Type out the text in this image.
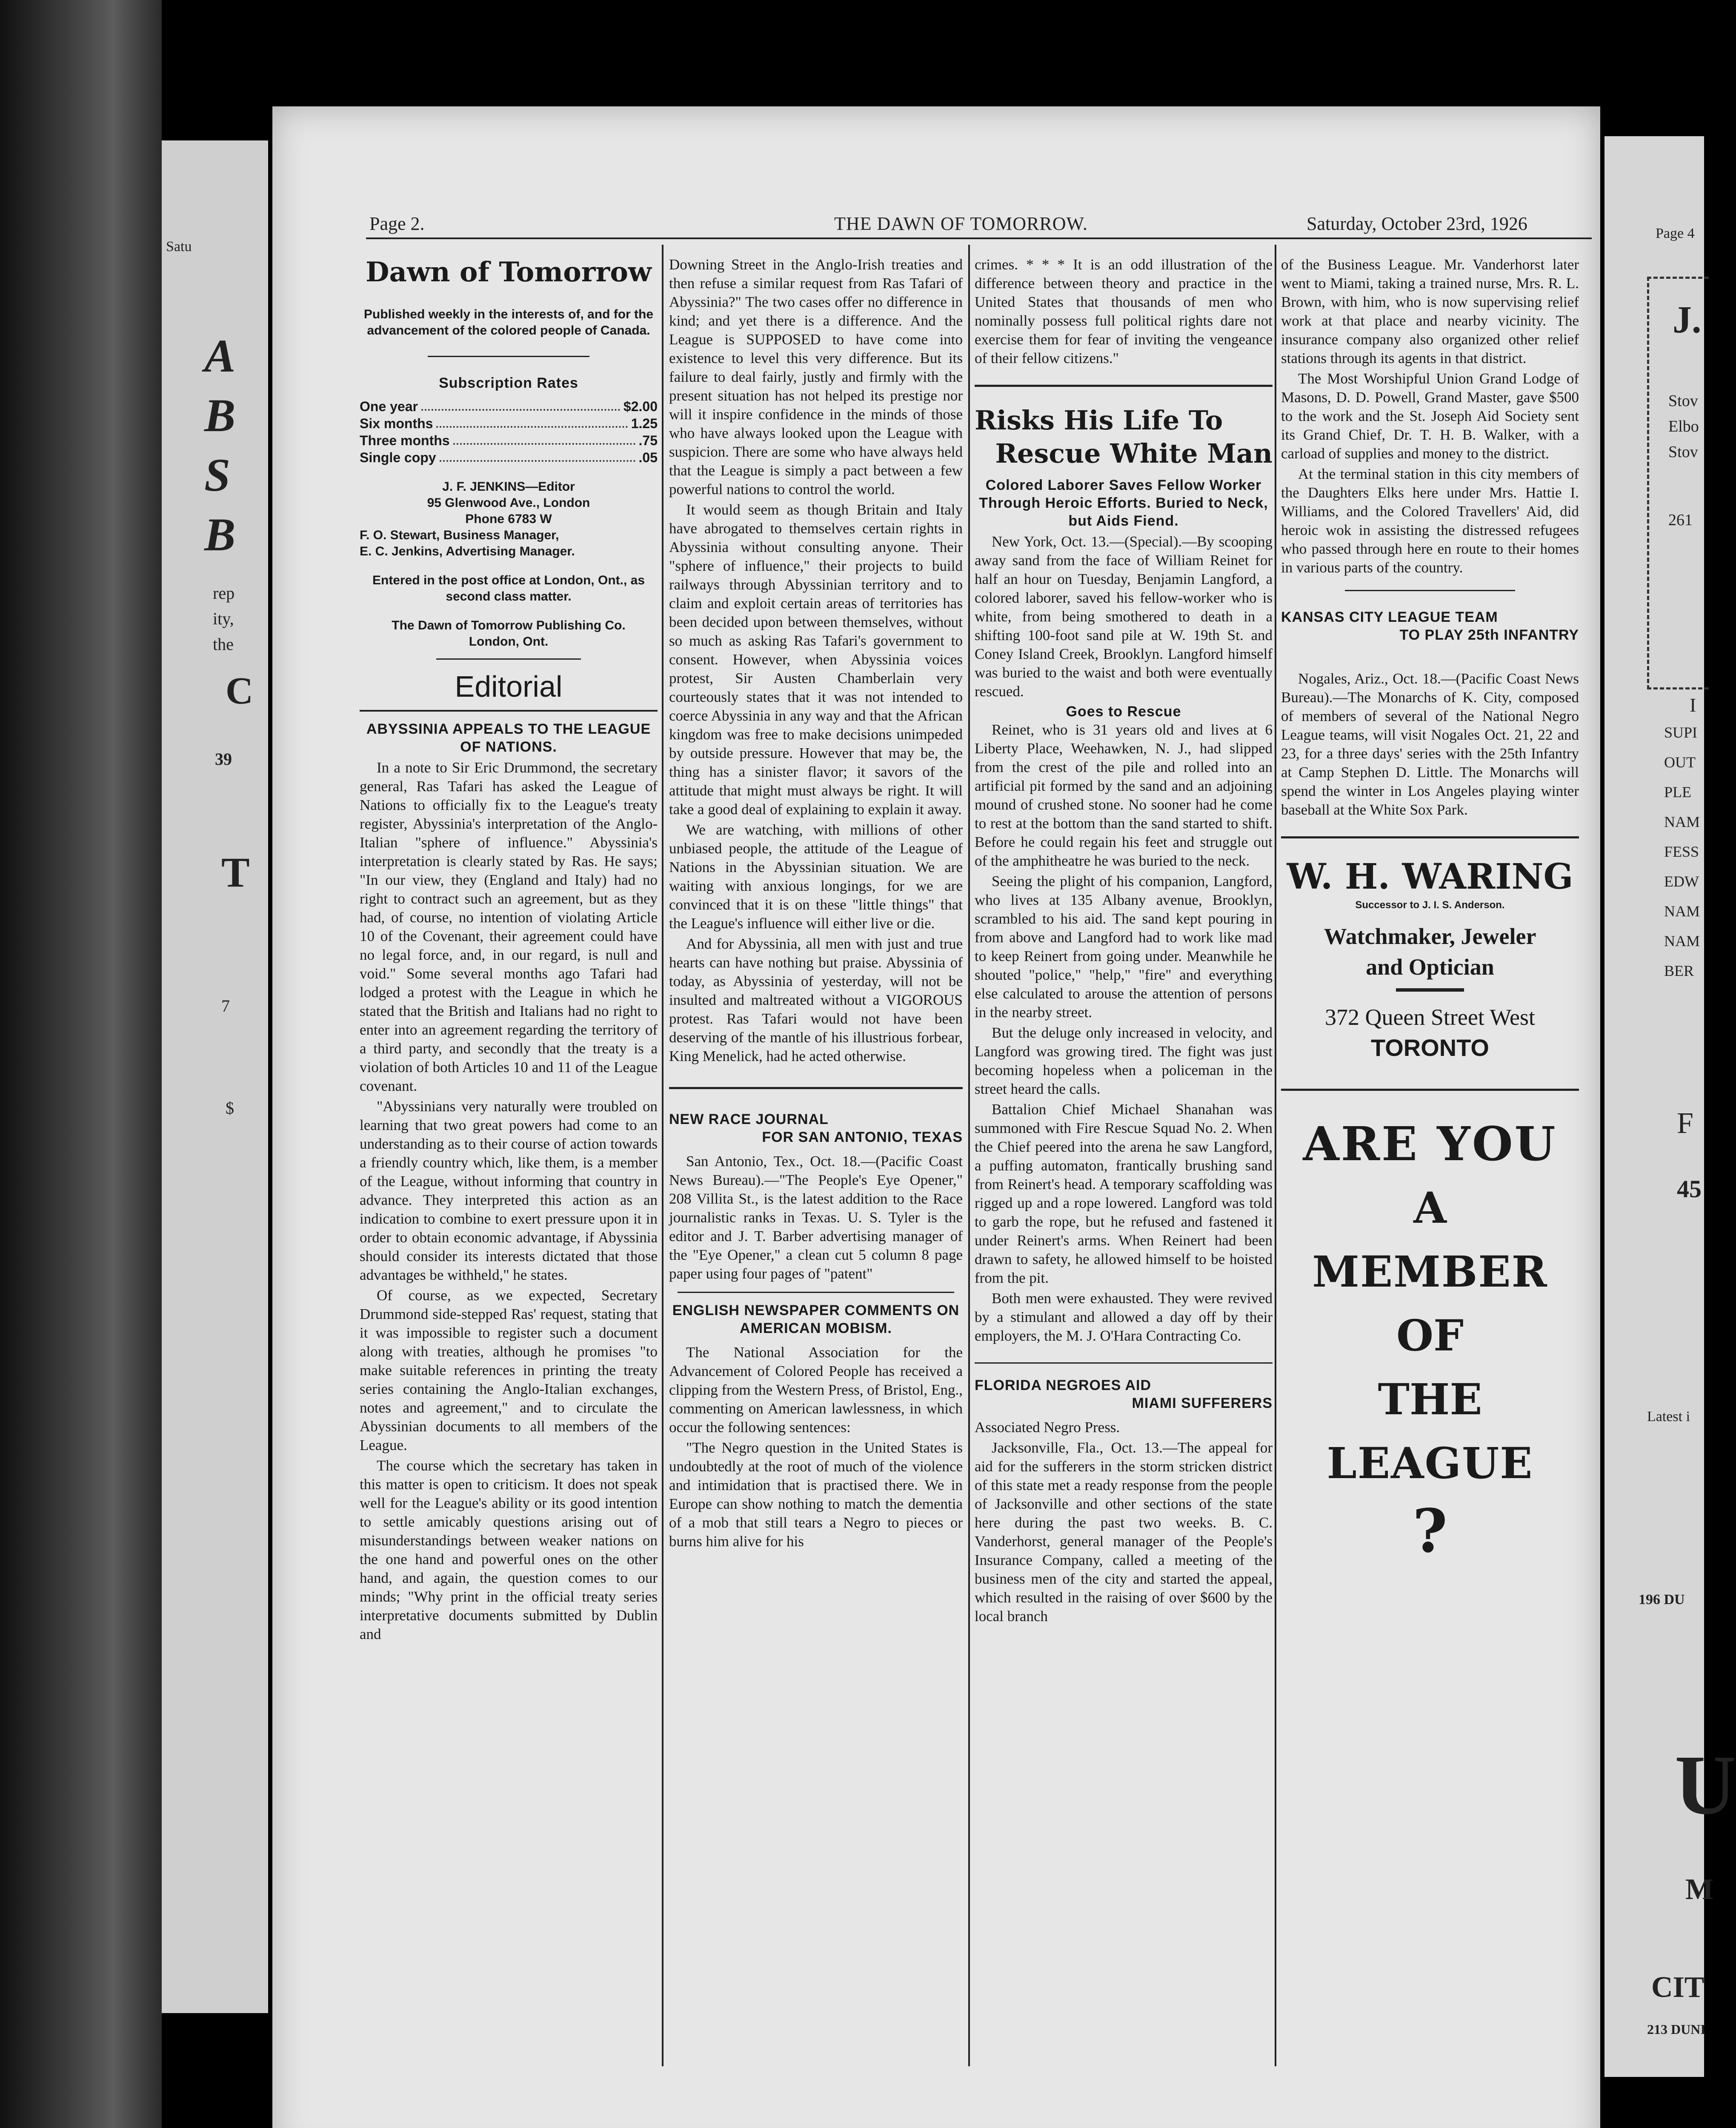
Satu
A
B
S
B
rep
ity,
the
C
39
T
7
$
Page 4
J.
Stov
Elbo
Stov
261
I
SUPI
OUT
PLE
NAM
FESS
EDW
NAM
NAM
BER
F
45
Latest i
196 DU
U
M
CIT
213 DUNI
Page 2.	THE DAWN OF TOMORROW.	Saturday, October 23rd, 1926
Dawn of Tomorrow
Published weekly in the interests of, and for the advancement of the colored people of Canada.
Subscription Rates
One year	$2.00
Six months	1.25
Three months	.75
Single copy	.05
J. F. JENKINS—Editor
95 Glenwood Ave., London
Phone 6783 W
F. O. Stewart, Business Manager,
E. C. Jenkins, Advertising Manager.
Entered in the post office at London, Ont., as second class matter.
The Dawn of Tomorrow Publishing Co.
London, Ont.
Editorial
ABYSSINIA APPEALS TO THE LEAGUE OF NATIONS.

In a note to Sir Eric Drummond, the secretary general, Ras Tafari has asked the League of Nations to officially fix to the League's treaty register, Abyssinia's interpretation of the Anglo-Italian "sphere of influence." Abyssinia's interpretation is clearly stated by Ras. He says; "In our view, they (England and Italy) had no right to contract such an agreement, but as they had, of course, no intention of violating Article 10 of the Covenant, their agreement could have no legal force, and, in our regard, is null and void." Some several months ago Tafari had lodged a protest with the League in which he stated that the British and Italians had no right to enter into an agreement regarding the territory of a third party, and secondly that the treaty is a violation of both Articles 10 and 11 of the League covenant.

"Abyssinians very naturally were troubled on learning that two great powers had come to an understanding as to their course of action towards a friendly country which, like them, is a member of the League, without informing that country in advance. They interpreted this action as an indication to combine to exert pressure upon it in order to obtain economic advantage, if Abyssinia should consider its interests dictated that those advantages be withheld," he states.

Of course, as we expected, Secretary Drummond side-stepped Ras' request, stating that it was impossible to register such a document along with treaties, although he promises "to make suitable references in printing the treaty series containing the Anglo-Italian exchanges, notes and agreement," and to circulate the Abyssinian documents to all members of the League.

The course which the secretary has taken in this matter is open to criticism. It does not speak well for the League's ability or its good intention to settle amicably questions arising out of misunderstandings between weaker nations on the one hand and powerful ones on the other hand, and again, the question comes to our minds; "Why print in the official treaty series interpretative documents submitted by Dublin and

Downing Street in the Anglo-Irish treaties and then refuse a similar request from Ras Tafari of Abyssinia?" The two cases offer no difference in kind; and yet there is a difference. And the League is SUPPOSED to have come into existence to level this very difference. But its failure to deal fairly, justly and firmly with the present situation has not helped its prestige nor will it inspire confidence in the minds of those who have always looked upon the League with suspicion. There are some who have always held that the League is simply a pact between a few powerful nations to control the world.

It would seem as though Britain and Italy have abrogated to themselves certain rights in Abyssinia without consulting anyone. Their "sphere of influence," their projects to build railways through Abyssinian territory and to claim and exploit certain areas of territories has been decided upon between themselves, without so much as asking Ras Tafari's government to consent. However, when Abyssinia voices protest, Sir Austen Chamberlain very courteously states that it was not intended to coerce Abyssinia in any way and that the African kingdom was free to make decisions unimpeded by outside pressure. However that may be, the thing has a sinister flavor; it savors of the attitude that might must always be right. It will take a good deal of explaining to explain it away.

We are watching, with millions of other unbiased people, the attitude of the League of Nations in the Abyssinian situation. We are waiting with anxious longings, for we are convinced that it is on these "little things" that the League's influence will either live or die.

And for Abyssinia, all men with just and true hearts can have nothing but praise. Abyssinia of today, as Abyssinia of yesterday, will not be insulted and maltreated without a VIGOROUS protest. Ras Tafari would not have been deserving of the mantle of his illustrious forbear, King Menelick, had he acted otherwise.

NEW RACE JOURNAL
FOR SAN ANTONIO, TEXAS

San Antonio, Tex., Oct. 18.—(Pacific Coast News Bureau).—"The People's Eye Opener," 208 Villita St., is the latest addition to the Race journalistic ranks in Texas. U. S. Tyler is the editor and J. T. Barber advertising manager of the "Eye Opener," a clean cut 5 column 8 page paper using four pages of "patent"

ENGLISH NEWSPAPER COMMENTS ON AMERICAN MOBISM.

The National Association for the Advancement of Colored People has received a clipping from the Western Press, of Bristol, Eng., commenting on American lawlessness, in which occur the following sentences:

"The Negro question in the United States is undoubtedly at the root of much of the violence and intimidation that is practised there. We in Europe can show nothing to match the dementia of a mob that still tears a Negro to pieces or burns him alive for his

crimes. * * * It is an odd illustration of the difference between theory and practice in the United States that thousands of men who nominally possess full political rights dare not exercise them for fear of inviting the vengeance of their fellow citizens."

Risks His Life To
Rescue White Man
Colored Laborer Saves Fellow Worker Through Heroic Efforts. Buried to Neck, but Aids Fiend.

New York, Oct. 13.—(Special).—By scooping away sand from the face of William Reinet for half an hour on Tuesday, Benjamin Langford, a colored laborer, saved his fellow-worker who is white, from being smothered to death in a shifting 100-foot sand pile at W. 19th St. and Coney Island Creek, Brooklyn. Langford himself was buried to the waist and both were eventually rescued.

Goes to Rescue

Reinet, who is 31 years old and lives at 6 Liberty Place, Weehawken, N. J., had slipped from the crest of the pile and rolled into an artificial pit formed by the sand and an adjoining mound of crushed stone. No sooner had he come to rest at the bottom than the sand started to shift. Before he could regain his feet and struggle out of the amphitheatre he was buried to the neck.

Seeing the plight of his companion, Langford, who lives at 135 Albany avenue, Brooklyn, scrambled to his aid. The sand kept pouring in from above and Langford had to work like mad to keep Reinert from going under. Meanwhile he shouted "police," "help," "fire" and everything else calculated to arouse the attention of persons in the nearby street.

But the deluge only increased in velocity, and Langford was growing tired. The fight was just becoming hopeless when a policeman in the street heard the calls.

Battalion Chief Michael Shanahan was summoned with Fire Rescue Squad No. 2. When the Chief peered into the arena he saw Langford, a puffing automaton, frantically brushing sand from Reinert's head. A temporary scaffolding was rigged up and a rope lowered. Langford was told to garb the rope, but he refused and fastened it under Reinert's arms. When Reinert had been drawn to safety, he allowed himself to be hoisted from the pit.

Both men were exhausted. They were revived by a stimulant and allowed a day off by their employers, the M. J. O'Hara Contracting Co.

FLORIDA NEGROES AID
MIAMI SUFFERERS

Associated Negro Press.

Jacksonville, Fla., Oct. 13.—The appeal for aid for the sufferers in the storm stricken district of this state met a ready response from the people of Jacksonville and other sections of the state here during the past two weeks. B. C. Vanderhorst, general manager of the People's Insurance Company, called a meeting of the business men of the city and started the appeal, which resulted in the raising of over $600 by the local branch

of the Business League. Mr. Vanderhorst later went to Miami, taking a trained nurse, Mrs. R. L. Brown, with him, who is now supervising relief work at that place and nearby vicinity. The insurance company also organized other relief stations through its agents in that district.

The Most Worshipful Union Grand Lodge of Masons, D. D. Powell, Grand Master, gave $500 to the work and the St. Joseph Aid Society sent its Grand Chief, Dr. T. H. B. Walker, with a carload of supplies and money to the district.

At the terminal station in this city members of the Daughters Elks here under Mrs. Hattie I. Williams, and the Colored Travellers' Aid, did heroic wok in assisting the distressed refugees who passed through here en route to their homes in various parts of the country.

KANSAS CITY LEAGUE TEAM
TO PLAY 25th INFANTRY

Nogales, Ariz., Oct. 18.—(Pacific Coast News Bureau).—The Monarchs of K. City, composed of members of several of the National Negro League teams, will visit Nogales Oct. 21, 22 and 23, for a three days' series with the 25th Infantry at Camp Stephen D. Little. The Monarchs will spend the winter in Los Angeles playing winter baseball at the White Sox Park.

W. H. WARING
Successor to J. I. S. Anderson.
Watchmaker, Jeweler
and Optician
372 Queen Street West
TORONTO
ARE YOU
A
MEMBER
OF
THE
LEAGUE
?
